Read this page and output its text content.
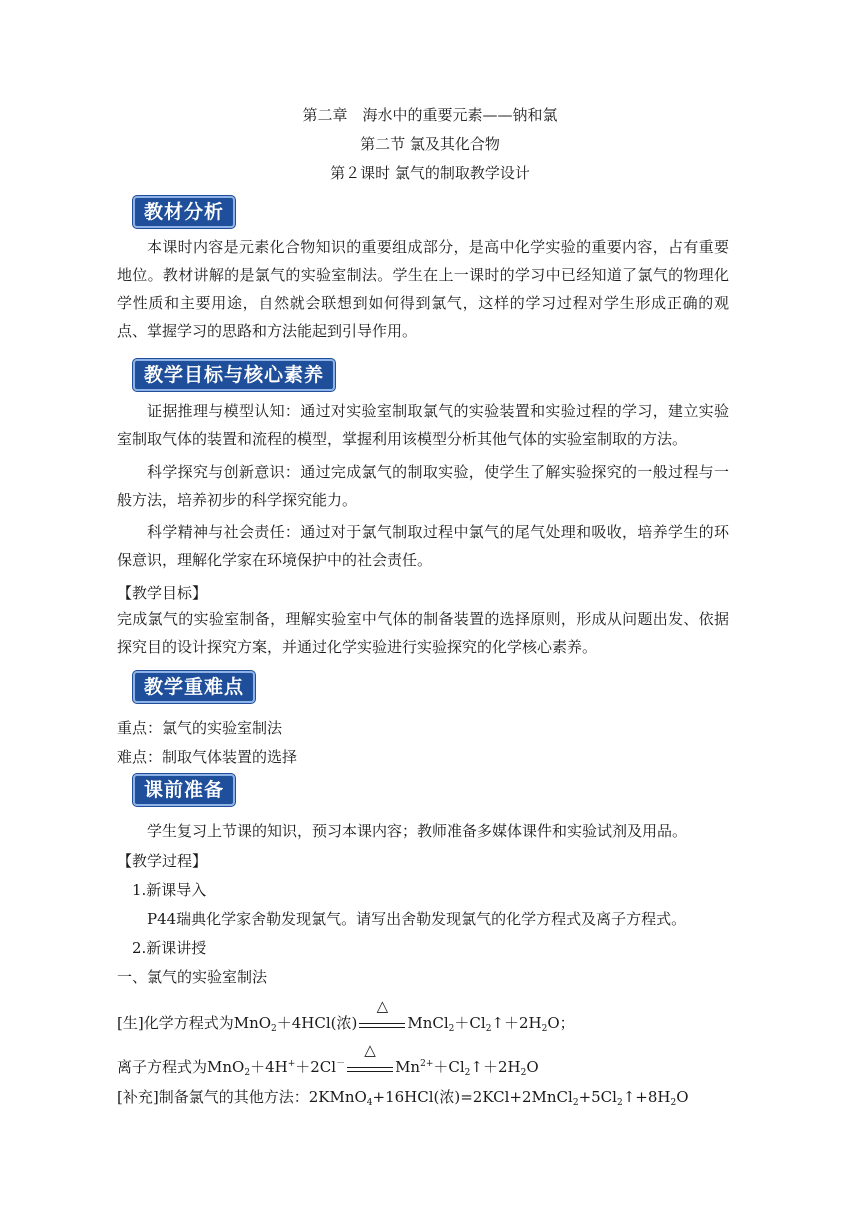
第二章　海水中的重要元素——钠和氯
第二节 氯及其化合物
第２课时 氯气的制取教学设计
教材分析
本课时内容是元素化合物知识的重要组成部分，是高中化学实验的重要内容，占有重要地位。教材讲解的是氯气的实验室制法。学生在上一课时的学习中已经知道了氯气的物理化学性质和主要用途，自然就会联想到如何得到氯气，这样的学习过程对学生形成正确的观点、掌握学习的思路和方法能起到引导作用。
教学目标与核心素养
证据推理与模型认知：通过对实验室制取氯气的实验装置和实验过程的学习，建立实验室制取气体的装置和流程的模型，掌握利用该模型分析其他气体的实验室制取的方法。
科学探究与创新意识：通过完成氯气的制取实验，使学生了解实验探究的一般过程与一般方法，培养初步的科学探究能力。
科学精神与社会责任：通过对于氯气制取过程中氯气的尾气处理和吸收，培养学生的环保意识，理解化学家在环境保护中的社会责任。
【教学目标】
完成氯气的实验室制备，理解实验室中气体的制备装置的选择原则，形成从问题出发、依据探究目的设计探究方案，并通过化学实验进行实验探究的化学核心素养。
教学重难点
重点：氯气的实验室制法
难点：制取气体装置的选择
课前准备
学生复习上节课的知识，预习本课内容；教师准备多媒体课件和实验试剂及用品。
【教学过程】
1.新课导入
P44瑞典化学家舍勒发现氯气。请写出舍勒发现氯气的化学方程式及离子方程式。
2.新课讲授
一、氯气的实验室制法
[生]化学方程式为MnO$_2$＋4HCl(浓)
△
$MnCl_2+Cl_2↑+2H_2O$；
离子方程式为MnO$_2$＋4H+＋2Cl－
△
$Mn^{2+}+Cl_2↑+2H_2O$
[补充]制备氯气的其他方法：2KMnO$_4$+16HCl(浓)$=2KCl+2MnCl_2+5Cl_2↑+8H_2O$
